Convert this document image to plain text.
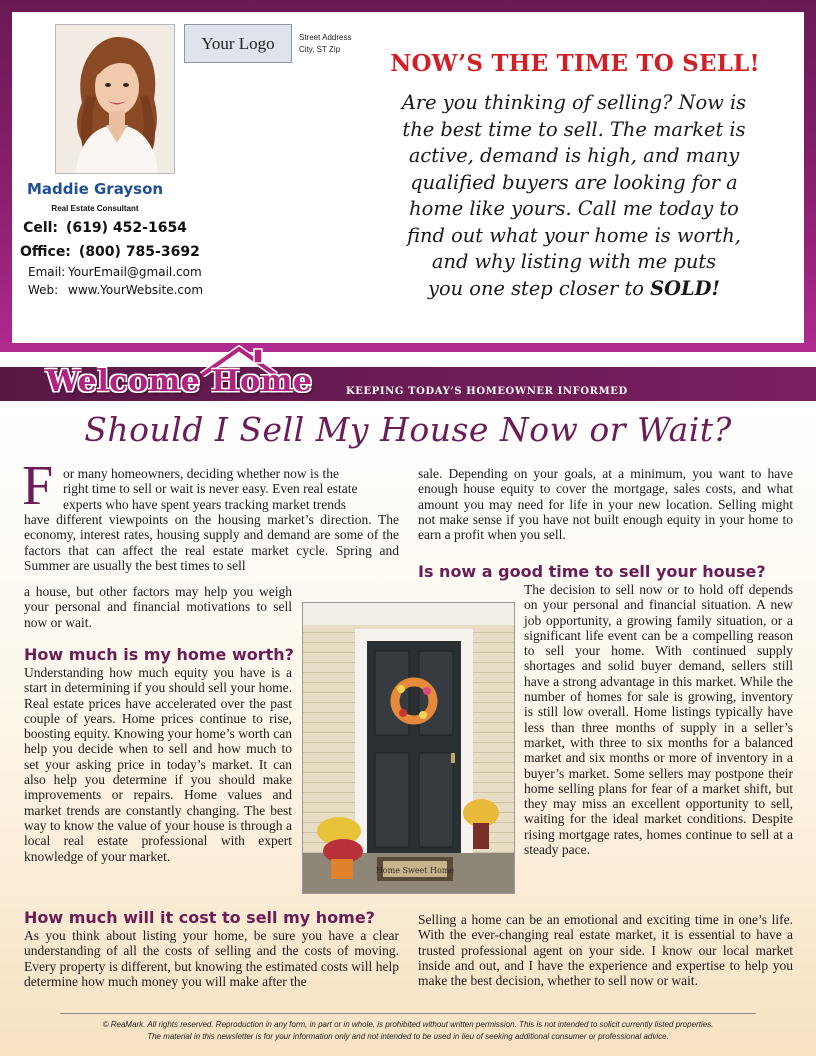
Your Logo	Street Address
City, ST Zip
Maddie Grayson
Real Estate Consultant
Cell: (619) 452-1654
Office: (800) 785-3692
Email: YourEmail@gmail.com
Web: www.YourWebsite.com
NOW’S THE TIME TO SELL!
Are you thinking of selling? Now is
the best time to sell. The market is
active, demand is high, and many
qualified buyers are looking for a
home like yours. Call me today to
find out what your home is worth,
and why listing with me puts
you one step closer to SOLD!
Welcome Home	KEEPING TODAY’S HOMEOWNER INFORMED
Should I Sell My House Now or Wait?
F or many homeowners, deciding whether now is the
right time to sell or wait is never easy. Even real estate
experts who have spent years tracking market trends

have different viewpoints on the housing market’s direction. The economy, interest rates, housing supply and demand are some of the factors that can affect the real estate market cycle. Spring and Summer are usually the best times to sell

a house, but other factors may help you weigh your personal and financial motivations to sell now or wait.

How much is my home worth?

Understanding how much equity you have is a start in determining if you should sell your home. Real estate prices have accelerated over the past couple of years. Home prices continue to rise, boosting equity. Knowing your home’s worth can help you decide when to sell and how much to set your asking price in today’s market. It can also help you determine if you should make improvements or repairs. Home values and market trends are constantly changing. The best way to know the value of your house is through a local real estate professional with expert knowledge of your market.

How much will it cost to sell my home?

As you think about listing your home, be sure you have a clear understanding of all the costs of selling and the costs of moving. Every property is different, but knowing the estimated costs will help determine how much money you will make after the

sale. Depending on your goals, at a minimum, you want to have enough house equity to cover the mortgage, sales costs, and what amount you may need for life in your new location. Selling might not make sense if you have not built enough equity in your home to earn a profit when you sell.

Is now a good time to sell your house?

The decision to sell now or to hold off depends on your personal and financial situation. A new job opportunity, a growing family situation, or a significant life event can be a compelling reason to sell your home. With continued supply shortages and solid buyer demand, sellers still have a strong advantage in this market. While the number of homes for sale is growing, inventory is still low overall. Home listings typically have less than three months of supply in a seller’s market, with three to six months for a balanced market and six months or more of inventory in a buyer’s market. Some sellers may postpone their home selling plans for fear of a market shift, but they may miss an excellent opportunity to sell, waiting for the ideal market conditions. Despite rising mortgage rates, homes continue to sell at a steady pace.

Selling a home can be an emotional and exciting time in one’s life. With the ever-changing real estate market, it is essential to have a trusted professional agent on your side. I know our local market inside and out, and I have the experience and expertise to help you make the best decision, whether to sell now or wait.

Home Sweet Home
© ReaMark. All rights reserved. Reproduction in any form, in part or in whole, is prohibited without written permission. This is not intended to solicit currently listed properties.
The material in this newsletter is for your information only and not intended to be used in lieu of seeking additional consumer or professional advice.
